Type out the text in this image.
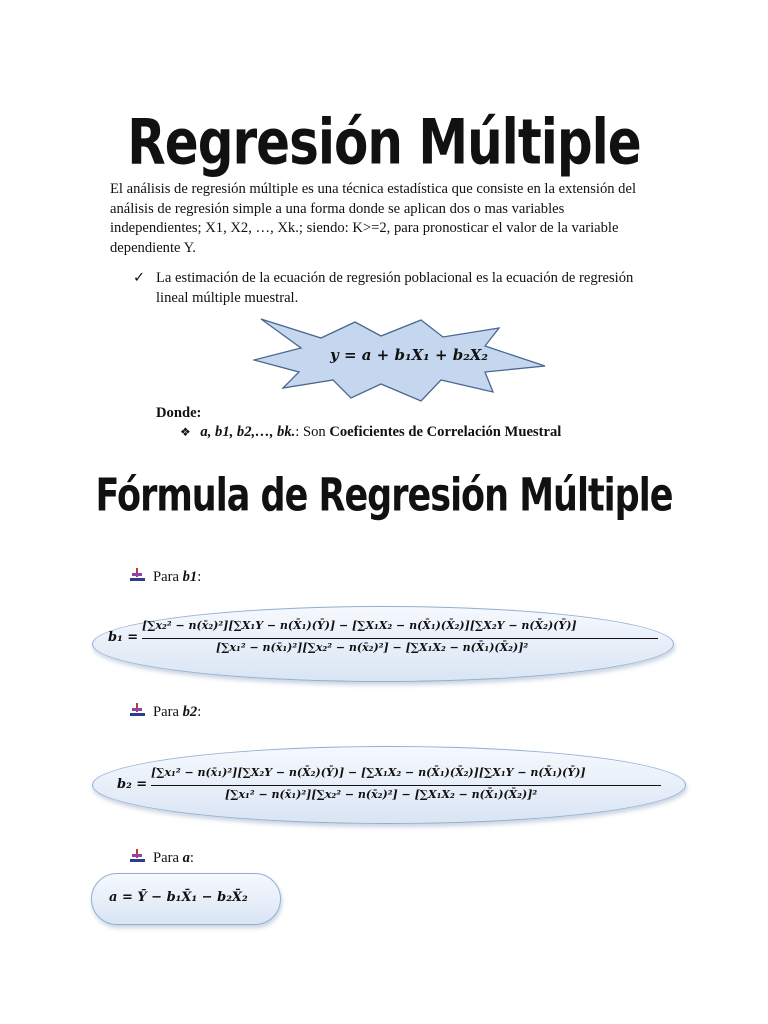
Regresión Múltiple
El análisis de regresión múltiple es una técnica estadística que consiste en la extensión del análisis de regresión simple a una forma donde se aplican dos o mas variables independientes; X1, X2, …, Xk.; siendo: K>=2, para pronosticar el valor de la variable dependiente Y.
✓ La estimación de la ecuación de regresión poblacional es la ecuación de regresión lineal múltiple muestral.
y = a + b₁X₁ + b₂X₂
Donde:
❖ a, b1, b2,…, bk.: Son Coeficientes de Correlación Muestral
Fórmula de Regresión Múltiple
Para b1:
b₁ =
[∑x₂² − n(x̄₂)²][∑X₁Y − n(X̄₁)(Ȳ)] − [∑X₁X₂ − n(X̄₁)(X̄₂)][∑X₂Y − n(X̄₂)(Ȳ)]
[∑x₁² − n(x̄₁)²][∑x₂² − n(x̄₂)²] − [∑X₁X₂ − n(X̄₁)(X̄₂)]²
Para b2:
b₂ =
[∑x₁² − n(x̄₁)²][∑X₂Y − n(X̄₂)(Ȳ)] − [∑X₁X₂ − n(X̄₁)(X̄₂)][∑X₁Y − n(X̄₁)(Ȳ)]
[∑x₁² − n(x̄₁)²][∑x₂² − n(x̄₂)²] − [∑X₁X₂ − n(X̄₁)(X̄₂)]²
Para a:
a = Ȳ − b₁X̄₁ − b₂X̄₂
